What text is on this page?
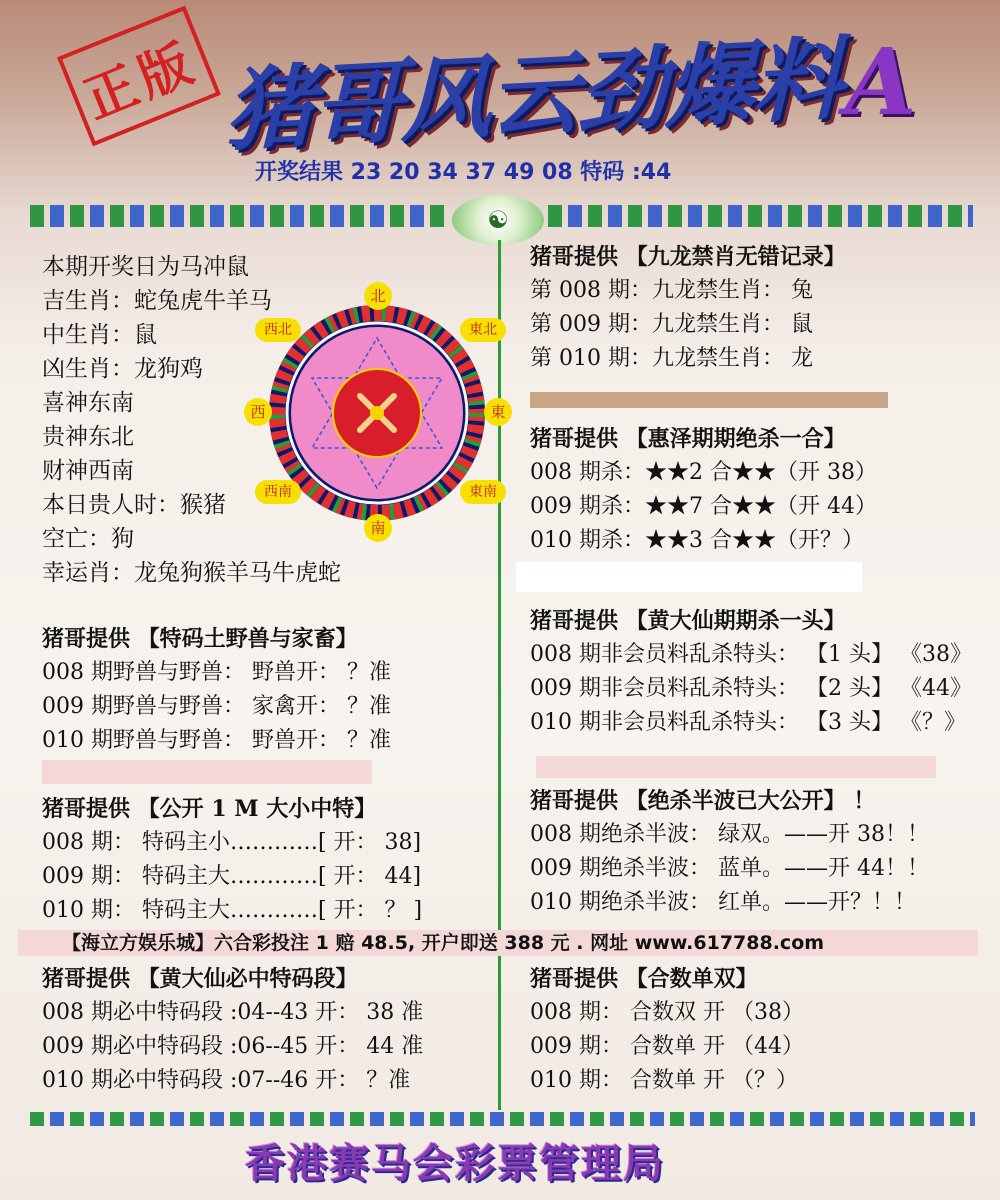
正版 猪哥风云劲爆料 A
开奖结果 23 20 34 37 49 08 特码 :44
☯
本期开奖日为马冲鼠
吉生肖：蛇兔虎牛羊马
中生肖：鼠
凶生肖：龙狗鸡
喜神东南
贵神东北
财神西南
本日贵人时：猴猪
空亡：狗
幸运肖：龙兔狗猴羊马牛虎蛇
北
南
東
西
西北	東北
西南	東南
猪哥提供 【特码土野兽与家畜】
008 期野兽与野兽： 野兽开： ？准
009 期野兽与野兽： 家禽开： ？准
010 期野兽与野兽： 野兽开： ？准
猪哥提供 【公开 1 M 大小中特】
008 期： 特码主小…………[ 开： 38]
009 期： 特码主大…………[ 开： 44]
010 期： 特码主大…………[ 开： ？ ]
猪哥提供 【黄大仙必中特码段】
008 期必中特码段 :04--43 开： 38 准
009 期必中特码段 :06--45 开： 44 准
010 期必中特码段 :07--46 开： ？准
猪哥提供 【九龙禁肖无错记录】
第 008 期：九龙禁生肖： 兔
第 009 期：九龙禁生肖： 鼠
第 010 期：九龙禁生肖： 龙
猪哥提供 【惠泽期期绝杀一合】
008 期杀：★★2 合★★（开 38）
009 期杀：★★7 合★★（开 44）
010 期杀：★★3 合★★（开？）
猪哥提供 【黄大仙期期杀一头】
008 期非会员料乱杀特头： 【1 头】 《38》
009 期非会员料乱杀特头： 【2 头】 《44》
010 期非会员料乱杀特头： 【3 头】 《？》
猪哥提供 【绝杀半波已大公开】 ！
008 期绝杀半波： 绿双。——开 38！！
009 期绝杀半波： 蓝单。——开 44！！
010 期绝杀半波： 红单。——开？！！
猪哥提供 【合数单双】
008 期： 合数双 开 （38）
009 期： 合数单 开 （44）
010 期： 合数单 开 （？）
【海立方娱乐城】六合彩投注 1 赔 48.5, 开户即送 388 元 . 网址 www.617788.com
香港赛马会彩票管理局
